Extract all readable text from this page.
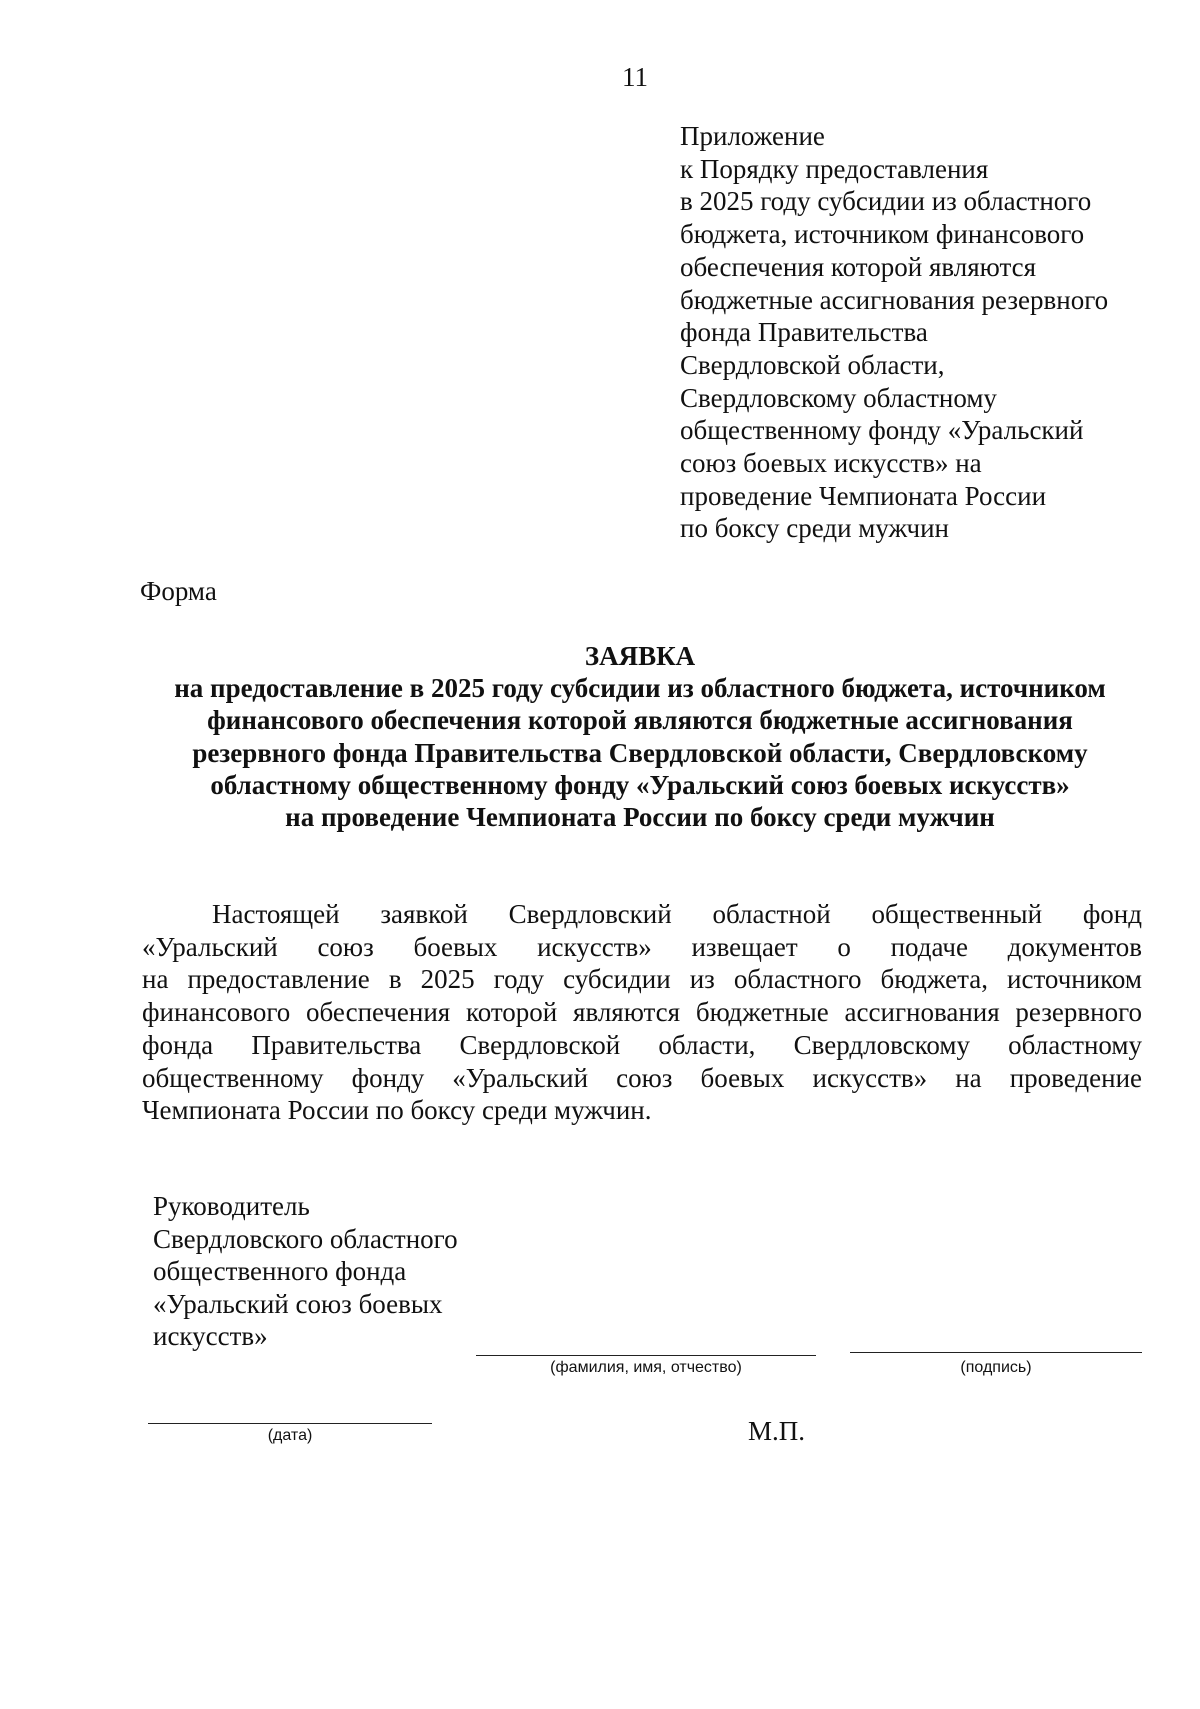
11
Приложение
к Порядку предоставления
в 2025 году субсидии из областного
бюджета, источником финансового
обеспечения которой являются
бюджетные ассигнования резервного
фонда Правительства
Свердловской области,
Свердловскому областному
общественному фонду «Уральский
союз боевых искусств» на
проведение Чемпионата России
по боксу среди мужчин
Форма
ЗАЯВКА
на предоставление в 2025 году субсидии из областного бюджета, источником
финансового обеспечения которой являются бюджетные ассигнования
резервного фонда Правительства Свердловской области, Свердловскому
областному общественному фонду «Уральский союз боевых искусств»
на проведение Чемпионата России по боксу среди мужчин
Настоящей заявкой Свердловский областной общественный фонд
«Уральский союз боевых искусств» извещает о подаче документов
на предоставление в 2025 году субсидии из областного бюджета, источником
финансового обеспечения которой являются бюджетные ассигнования резервного
фонда Правительства Свердловской области, Свердловскому областному
общественному фонду «Уральский союз боевых искусств» на проведение
Чемпионата России по боксу среди мужчин.
Руководитель
Свердловского областного
общественного фонда
«Уральский союз боевых
искусств»
(фамилия, имя, отчество)	(подпись)
(дата)	М.П.
